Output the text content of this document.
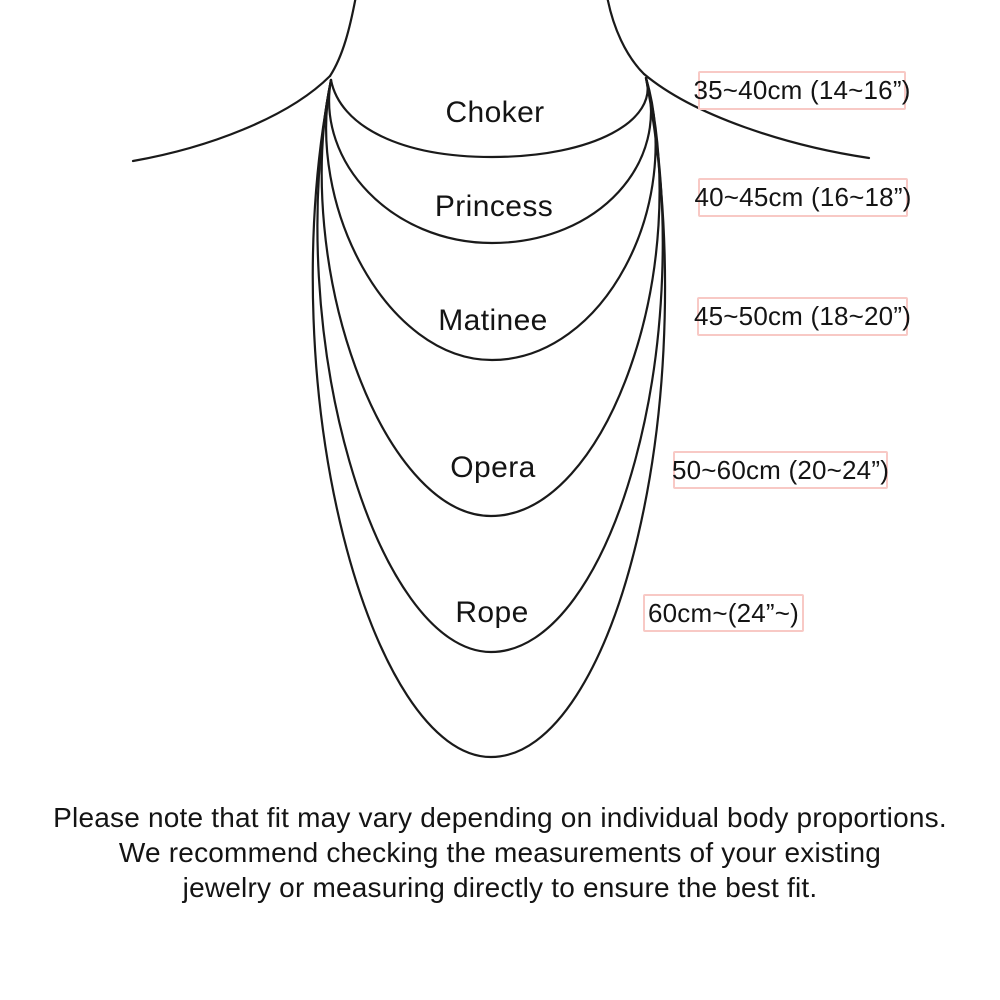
Choker
Princess
Matinee
Opera
Rope
35~40cm (14~16”)
40~45cm (16~18”)
45~50cm (18~20”)
50~60cm (20~24”)
60cm~(24”~)
Please note that fit may vary depending on individual body proportions.
We recommend checking the measurements of your existing
jewelry or measuring directly to ensure the best fit.
